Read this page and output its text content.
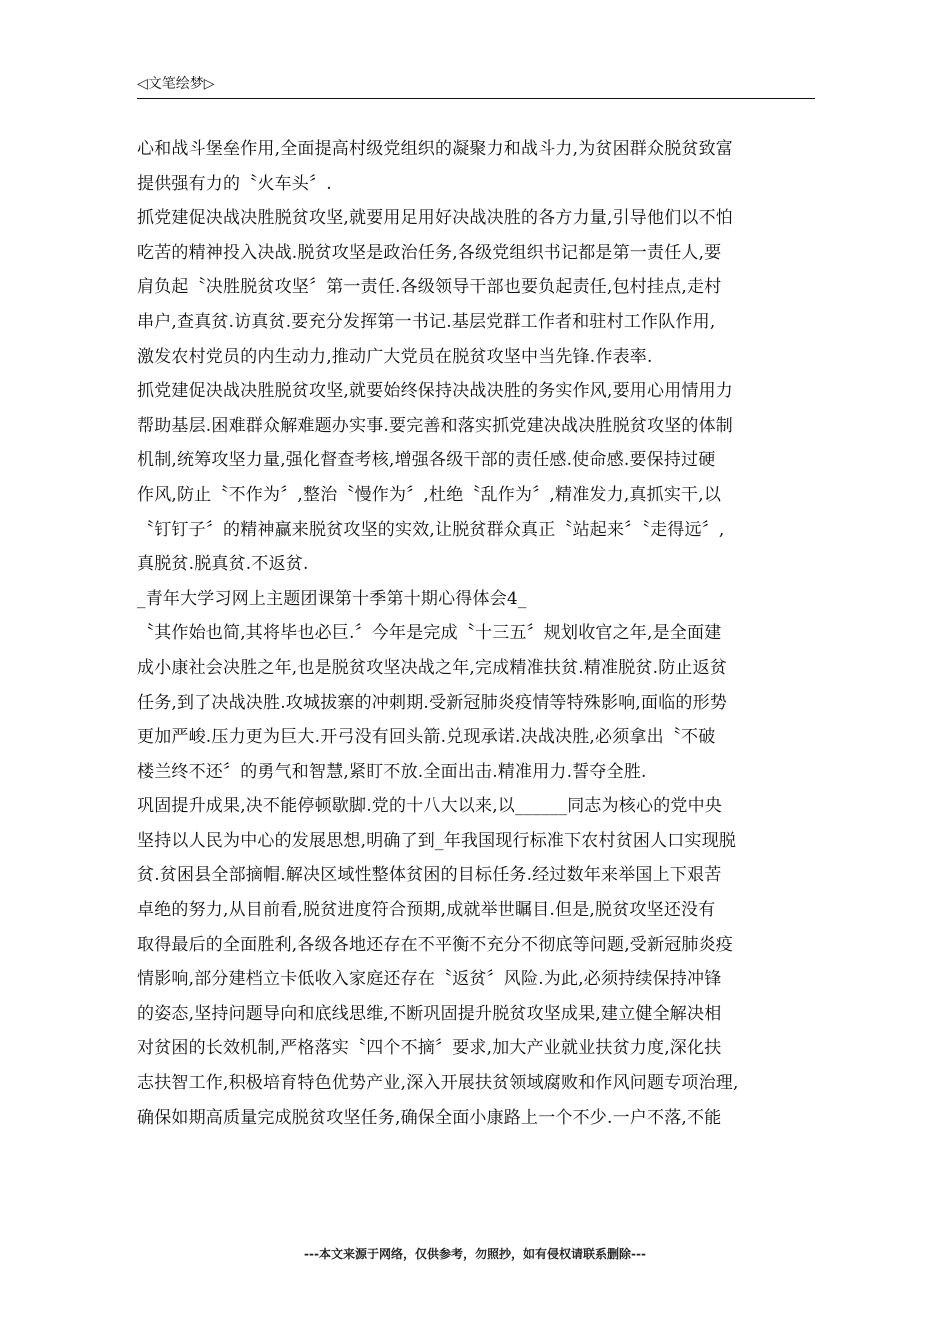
◁文笔绘梦▷
心和战斗堡垒作用,全面提高村级党组织的凝聚力和战斗力,为贫困群众脱贫致富
提供强有力的〝火车头〞.
抓党建促决战决胜脱贫攻坚,就要用足用好决战决胜的各方力量,引导他们以不怕
吃苦的精神投入决战.脱贫攻坚是政治任务,各级党组织书记都是第一责任人,要
肩负起〝决胜脱贫攻坚〞第一责任.各级领导干部也要负起责任,包村挂点,走村
串户,查真贫.访真贫.要充分发挥第一书记.基层党群工作者和驻村工作队作用,
激发农村党员的内生动力,推动广大党员在脱贫攻坚中当先锋.作表率.
抓党建促决战决胜脱贫攻坚,就要始终保持决战决胜的务实作风,要用心用情用力
帮助基层.困难群众解难题办实事.要完善和落实抓党建决战决胜脱贫攻坚的体制
机制,统筹攻坚力量,强化督查考核,增强各级干部的责任感.使命感.要保持过硬
作风,防止〝不作为〞,整治〝慢作为〞,杜绝〝乱作为〞,精准发力,真抓实干,以
〝钉钉子〞的精神赢来脱贫攻坚的实效,让脱贫群众真正〝站起来〞〝走得远〞,
真脱贫.脱真贫.不返贫.
_青年大学习网上主题团课第十季第十期心得体会4_
〝其作始也简,其将毕也必巨.〞今年是完成〝十三五〞规划收官之年,是全面建
成小康社会决胜之年,也是脱贫攻坚决战之年,完成精准扶贫.精准脱贫.防止返贫
任务,到了决战决胜.攻城拔寨的冲刺期.受新冠肺炎疫情等特殊影响,面临的形势
更加严峻.压力更为巨大.开弓没有回头箭.兑现承诺.决战决胜,必须拿出〝不破
楼兰终不还〞的勇气和智慧,紧盯不放.全面出击.精准用力.誓夺全胜.
巩固提升成果,决不能停顿歇脚.党的十八大以来,以______同志为核心的党中央
坚持以人民为中心的发展思想,明确了到_年我国现行标准下农村贫困人口实现脱
贫.贫困县全部摘帽.解决区域性整体贫困的目标任务.经过数年来举国上下艰苦
卓绝的努力,从目前看,脱贫进度符合预期,成就举世瞩目.但是,脱贫攻坚还没有
取得最后的全面胜利,各级各地还存在不平衡不充分不彻底等问题,受新冠肺炎疫
情影响,部分建档立卡低收入家庭还存在〝返贫〞风险.为此,必须持续保持冲锋
的姿态,坚持问题导向和底线思维,不断巩固提升脱贫攻坚成果,建立健全解决相
对贫困的长效机制,严格落实〝四个不摘〞要求,加大产业就业扶贫力度,深化扶
志扶智工作,积极培育特色优势产业,深入开展扶贫领域腐败和作风问题专项治理,
确保如期高质量完成脱贫攻坚任务,确保全面小康路上一个不少.一户不落,不能
---本文来源于网络，仅供参考，勿照抄，如有侵权请联系删除---
